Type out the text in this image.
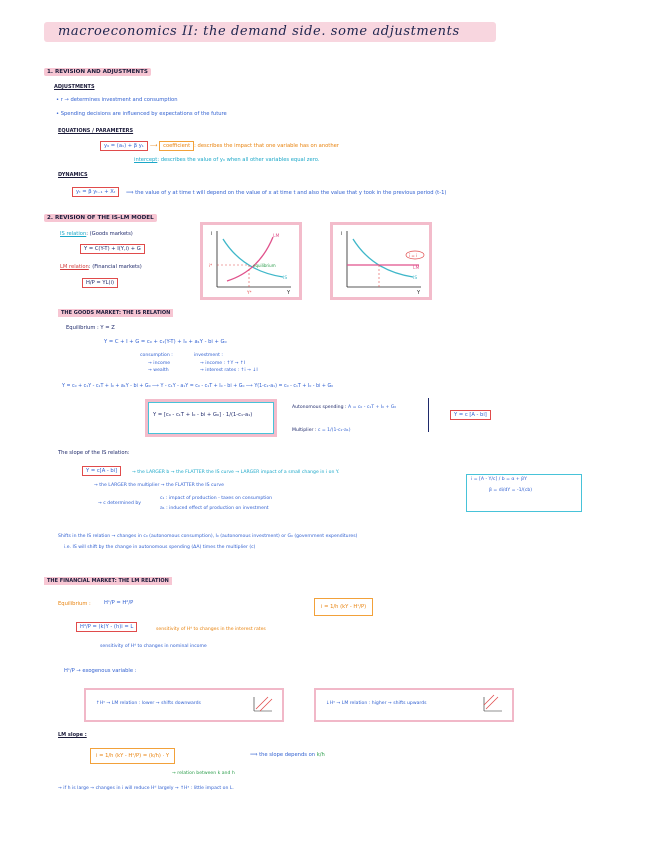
macroeconomics II: the demand side. some adjustments
1. REVISION AND ADJUSTMENTS
ADJUSTMENTS
• r → determines investment and consumption
• Spending decisions are influenced by expectations of the future
EQUATIONS / PARAMETERS
y₀ = (a₁) + β y₁	⟶ coefficient : describes the impact that one variable has on another
intercept: describes the value of y₀ when all other variables equal zero.
DYNAMICS
yₜ = β yₜ₋₁ + Xₜ	⟹ the value of y at time t will depend on the value of x at time t and also the value that y took in the previous period (t-1)
2. REVISION OF THE IS-LM MODEL
IS relation: (Goods markets)
Y = C(Y-T) + I(Y,i) + G
LM relation: (Financial markets)
H/P = YL(i)
i
Y
LM
IS
equilibrium
i*
Y*
i
Y
LM
IS
ī = i
THE GOODS MARKET: THE IS RELATION
Equilibrium : Y = Z
Y = C + I + G = c₀ + c₁(Y-T) + I₀ + a₁Y - bi + G₀
consumption :
→ income
→ wealth
investment :
→ income : ↑Y → ↑I
→ interest rates : ↑i → ↓I
Y = c₀ + c₁Y - c₁T + I₀ + a₁Y - bi + G₀ ⟶ Y - c₁Y - a₁Y = c₀ - c₁T + I₀ - bi + G₀ ⟶ Y(1-c₁-a₁) = c₀ - c₁T + I₀ - bi + G₀
Y = [c₀ - c₁T + I₀ - bi + G₀] · 1/(1-c₁-a₁)
Autonomous spending : A = c₀ - c₁T + I₀ + G₀
Multiplier : c = 1/(1-c₁-a₁)
Y = c [A - bi]
The slope of the IS relation:
Y = c[A - bi]	→ the LARGER b → the FLATTER the IS curve → LARGER impact of a small change in i on Y.
→ the LARGER the multiplier → the FLATTER the IS curve
→ c determined by
c₁ : impact of production - taxes on consumption
a₁ : induced effect of production on investment
i = [A - Y/c] / b = α + βY
β = di/dY = -1/(cb)
Shifts in the IS relation → changes in c₀ (autonomous consumption), I₀ (autonomous investment) or G₀ (government expenditures)
i.e. IS will shift by the change in autonomous spending (ΔA) times the multiplier (c)
THE FINANCIAL MARKET: THE LM RELATION
Equilibrium :	Hˢ/P = Hᵈ/P
i = 1/h (kY - Hˢ/P)
Hᵈ/P = (k)Y - (h)i = L	sensitivity of Hᵈ to changes in the interest rates
sensitivity of Hᵈ to changes in nominal income
Hˢ/P → exogenous variable :
↑Hˢ → LM relation : lower → shifts downwards	↓Hˢ → LM relation : higher → shifts upwards
LM slope :
i = 1/h (kY - Hˢ/P) = (k/h) · Y	⟹ the slope depends on k/h
→ relation between k and h
→ if h is large → changes in i will reduce Hᵈ largely → ↑Hˢ : little impact on L.
